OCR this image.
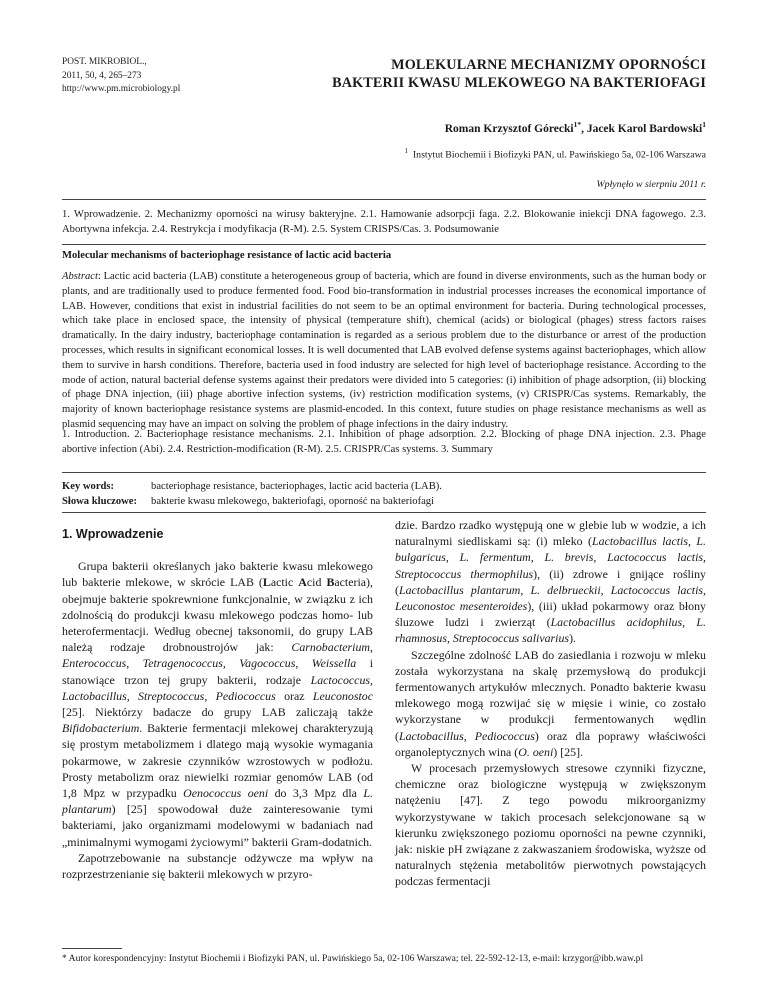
POST. MIKROBIOL.,
2011, 50, 4, 265–273
http://www.pm.microbiology.pl
MOLEKULARNE MECHANIZMY OPORNOŚCI
BAKTERII KWASU MLEKOWEGO NA BAKTERIOFAGI
Roman Krzysztof Górecki$^{1*}$, Jacek Karol Bardowski$^1$
$^1$ Instytut Biochemii i Biofizyki PAN, ul. Pawińskiego 5a, 02-106 Warszawa
Wpłynęło w sierpniu 2011 r.
1. Wprowadzenie. 2. Mechanizmy oporności na wirusy bakteryjne. 2.1. Hamowanie adsorpcji faga. 2.2. Blokowanie iniekcji DNA fagowego. 2.3. Abortywna infekcja. 2.4. Restrykcja i modyfikacja (R-M). 2.5. System CRISPS/Cas. 3. Podsumowanie
Molecular mechanisms of bacteriophage resistance of lactic acid bacteria
Abstract: Lactic acid bacteria (LAB) constitute a heterogeneous group of bacteria, which are found in diverse environments, such as the human body or plants, and are traditionally used to produce fermented food. Food bio-transformation in industrial processes increases the economical importance of LAB. However, conditions that exist in industrial facilities do not seem to be an optimal environment for bacteria. During technological processes, which take place in enclosed space, the intensity of physical (temperature shift), chemical (acids) or biological (phages) stress factors raises dramatically. In the dairy industry, bacteriophage contamination is regarded as a serious problem due to the disturbance or arrest of the production processes, which results in significant economical losses. It is well documented that LAB evolved defense systems against bacteriophages, which allow them to survive in harsh conditions. Therefore, bacteria used in food industry are selected for high level of bacteriophage resistance. According to the mode of action, natural bacterial defense systems against their predators were divided into 5 categories: (i) inhibition of phage adsorption, (ii) blocking of phage DNA injection, (iii) phage abortive infection systems, (iv) restriction modification systems, (v) CRISPR/Cas systems. Remarkably, the majority of known bacteriophage resistance systems are plasmid-encoded. In this context, future studies on phage resistance mechanisms as well as plasmid sequencing may have an impact on solving the problem of phage infections in the dairy industry.
1. Introduction. 2. Bacteriophage resistance mechanisms. 2.1. Inhibition of phage adsorption. 2.2. Blocking of phage DNA injection. 2.3. Phage abortive infection (Abi). 2.4. Restriction-modification (R-M). 2.5. CRISPR/Cas systems. 3. Summary
Key words:	bacteriophage resistance, bacteriophages, lactic acid bacteria (LAB).
Słowa kluczowe:	bakterie kwasu mlekowego, bakteriofagi, oporność na bakteriofagi
1. Wprowadzenie

Grupa bakterii określanych jako bakterie kwasu mlekowego lub bakterie mlekowe, w skrócie LAB (Lactic Acid Bacteria), obejmuje bakterie spokrewnione funkcjonalnie, w związku z ich zdolnością do produkcji kwasu mlekowego podczas homo- lub heterofermentacji. Według obecnej taksonomii, do grupy LAB należą rodzaje drobnoustrojów jak: Carnobacterium, Enterococcus, Tetragenococcus, Vagococcus, Weissella i stanowiące trzon tej grupy bakterii, rodzaje Lactococcus, Lactobacillus, Streptococcus, Pediococcus oraz Leuconostoc [25]. Niektórzy badacze do grupy LAB zaliczają także Bifidobacterium. Bakterie fermentacji mlekowej charakteryzują się prostym metabolizmem i dlatego mają wysokie wymagania pokarmowe, w zakresie czynników wzrostowych w podłożu. Prosty metabolizm oraz niewielki rozmiar genomów LAB (od 1,8 Mpz w przypadku Oenococcus oeni do 3,3 Mpz dla L. plantarum) [25] spowodował duże zainteresowanie tymi bakteriami, jako organizmami modelowymi w badaniach nad „minimalnymi wymogami życiowymi” bakterii Gram-dodatnich.

Zapotrzebowanie na substancje odżywcze ma wpływ na rozprzestrzenianie się bakterii mlekowych w przyro-

dzie. Bardzo rzadko występują one w glebie lub w wodzie, a ich naturalnymi siedliskami są: (i) mleko (Lactobacillus lactis, L. bulgaricus, L. fermentum, L. brevis, Lactococcus lactis, Streptococcus thermophilus), (ii) zdrowe i gnijące rośliny (Lactobacillus plantarum, L. delbrueckii, Lactococcus lactis, Leuconostoc mesenteroides), (iii) układ pokarmowy oraz błony śluzowe ludzi i zwierząt (Lactobacillus acidophilus, L. rhamnosus, Streptococcus salivarius).

Szczególne zdolność LAB do zasiedlania i rozwoju w mleku została wykorzystana na skalę przemysłową do produkcji fermentowanych artykułów mlecznych. Ponadto bakterie kwasu mlekowego mogą rozwijać się w mięsie i winie, co zostało wykorzystane w produkcji fermentowanych wędlin (Lactobacillus, Pediococcus) oraz dla poprawy właściwości organoleptycznych wina (O. oeni) [25].

W procesach przemysłowych stresowe czynniki fizyczne, chemiczne oraz biologiczne występują w zwiększonym natężeniu [47]. Z tego powodu mikroorganizmy wykorzystywane w takich procesach selekcjonowane są w kierunku zwiększonego poziomu oporności na pewne czynniki, jak: niskie pH związane z zakwaszaniem środowiska, wyższe od naturalnych stężenia metabolitów pierwotnych powstających podczas fermentacji

* Autor korespondencyjny: Instytut Biochemii i Biofizyki PAN, ul. Pawińskiego 5a, 02-106 Warszawa; tel. 22-592-12-13, e-mail: krzygor@ibb.waw.pl
